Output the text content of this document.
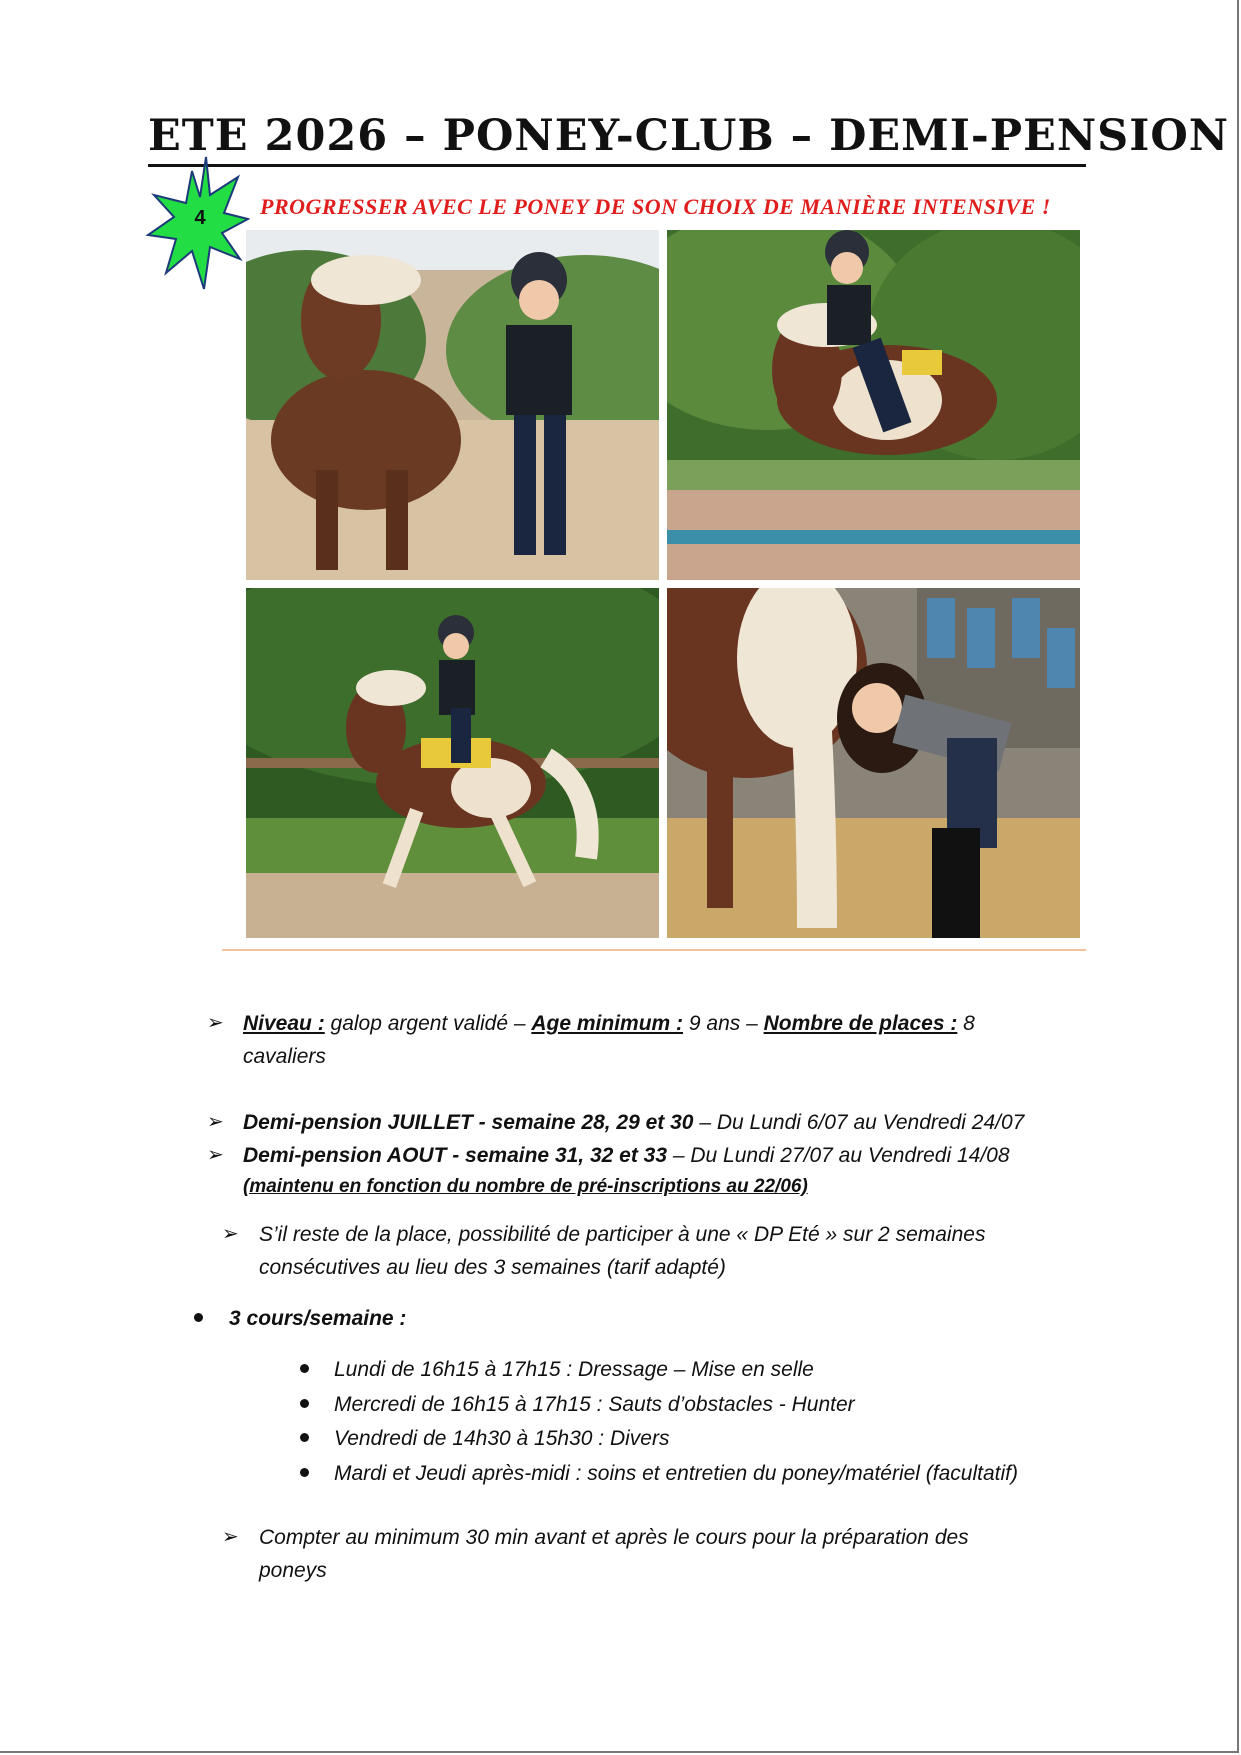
ETE 2026 – PONEY-CLUB – DEMI-PENSION
4 PROGRESSER AVEC LE PONEY DE SON CHOIX DE MANIÈRE INTENSIVE !
➢ Niveau : galop argent validé – Age minimum : 9 ans – Nombre de places : 8
cavaliers
➢ Demi-pension JUILLET - semaine 28, 29 et 30 – Du Lundi 6/07 au Vendredi 24/07
➢ Demi-pension AOUT - semaine 31, 32 et 33 – Du Lundi 27/07 au Vendredi 14/08
(maintenu en fonction du nombre de pré-inscriptions au 22/06)
➢ S’il reste de la place, possibilité de participer à une « DP Eté » sur 2 semaines
consécutives au lieu des 3 semaines (tarif adapté)
3 cours/semaine :
Lundi de 16h15 à 17h15 : Dressage – Mise en selle
Mercredi de 16h15 à 17h15 : Sauts d’obstacles - Hunter
Vendredi de 14h30 à 15h30 : Divers
Mardi et Jeudi après-midi : soins et entretien du poney/matériel (facultatif)
➢ Compter au minimum 30 min avant et après le cours pour la préparation des
poneys
